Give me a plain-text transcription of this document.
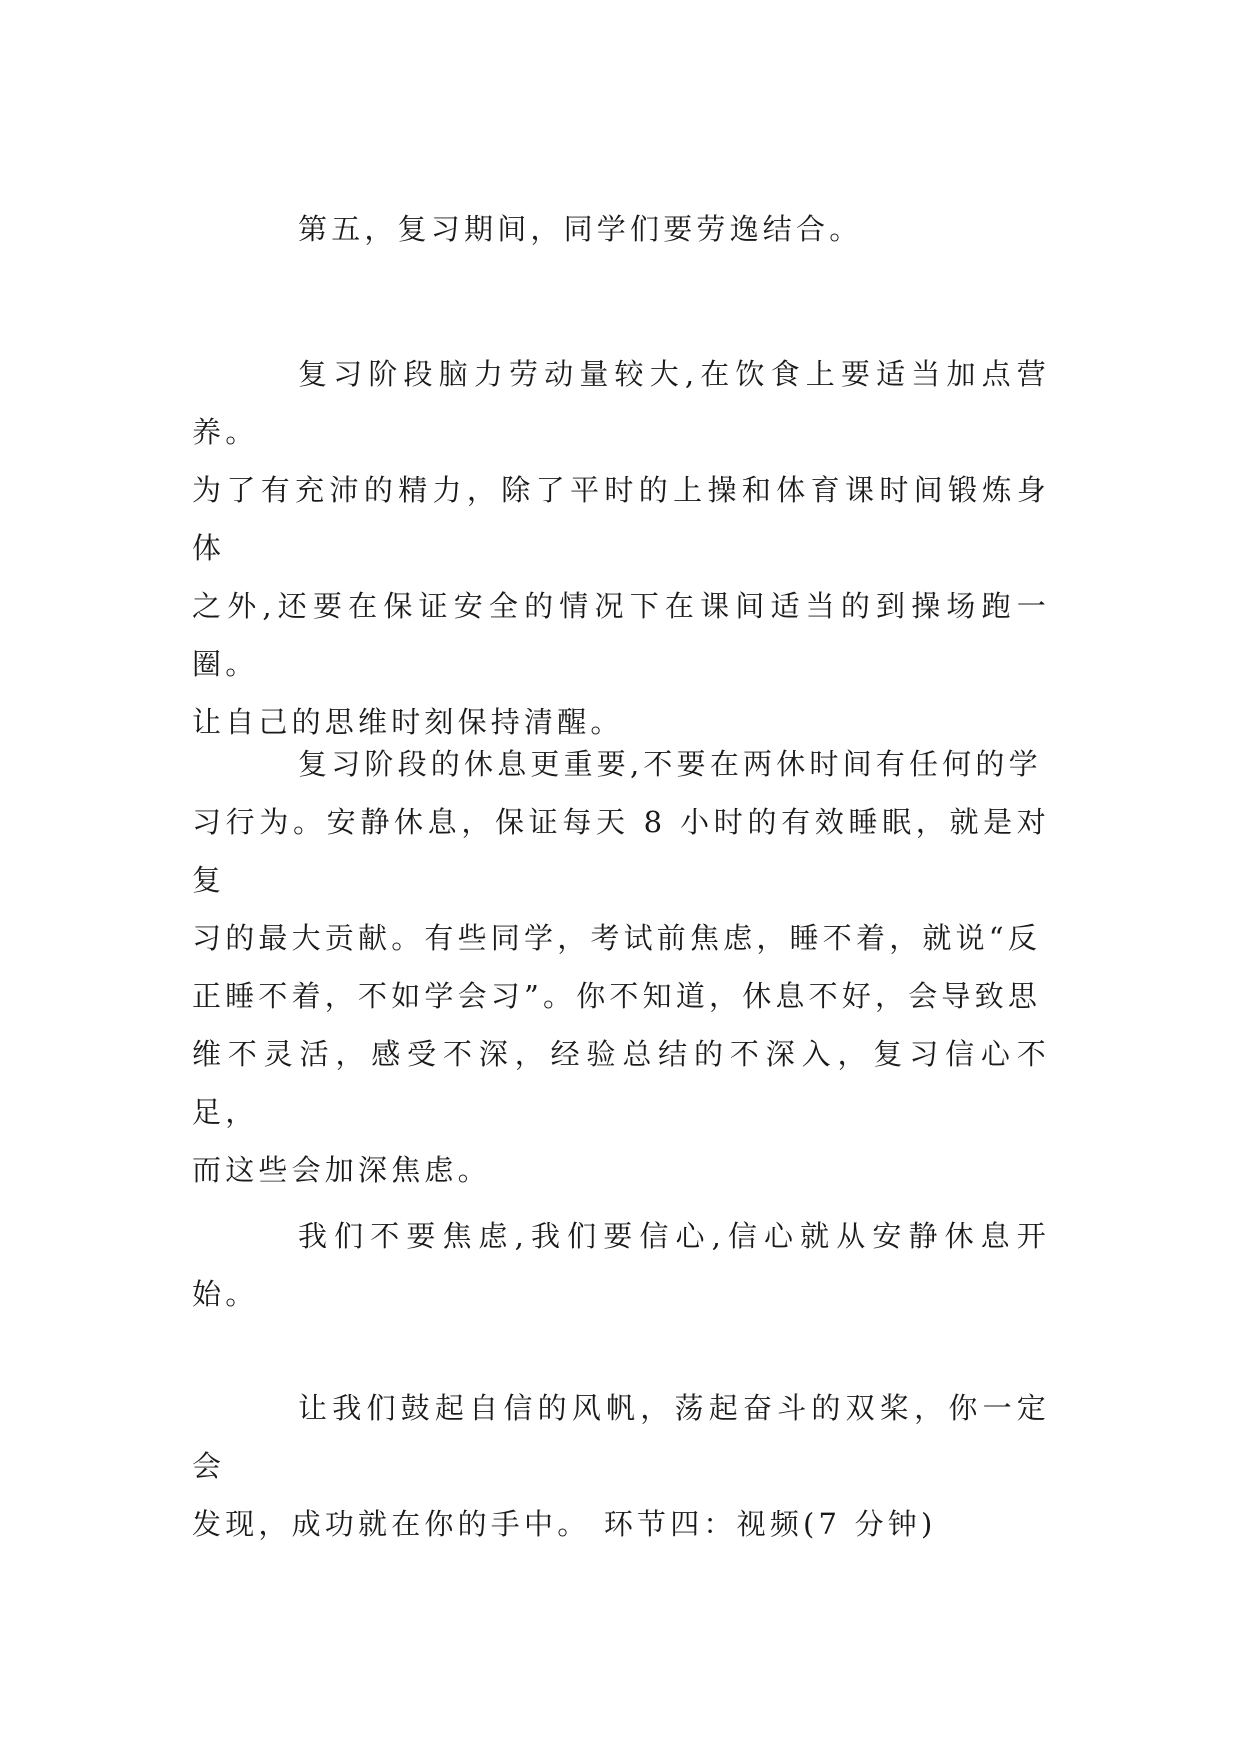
第五，复习期间，同学们要劳逸结合。
复习阶段脑力劳动量较大,在饮食上要适当加点营养。
为了有充沛的精力，除了平时的上操和体育课时间锻炼身体
之外,还要在保证安全的情况下在课间适当的到操场跑一圈。
让自己的思维时刻保持清醒。
复习阶段的休息更重要,不要在两休时间有任何的学
习行为。安静休息，保证每天 8 小时的有效睡眠，就是对复
习的最大贡献。有些同学，考试前焦虑，睡不着，就说“反
正睡不着，不如学会习”。你不知道，休息不好，会导致思
维不灵活，感受不深，经验总结的不深入，复习信心不足，
而这些会加深焦虑。
我们不要焦虑,我们要信心,信心就从安静休息开始。
让我们鼓起自信的风帆，荡起奋斗的双桨，你一定会
发现，成功就在你的手中。 环节四：视频(7 分钟)
